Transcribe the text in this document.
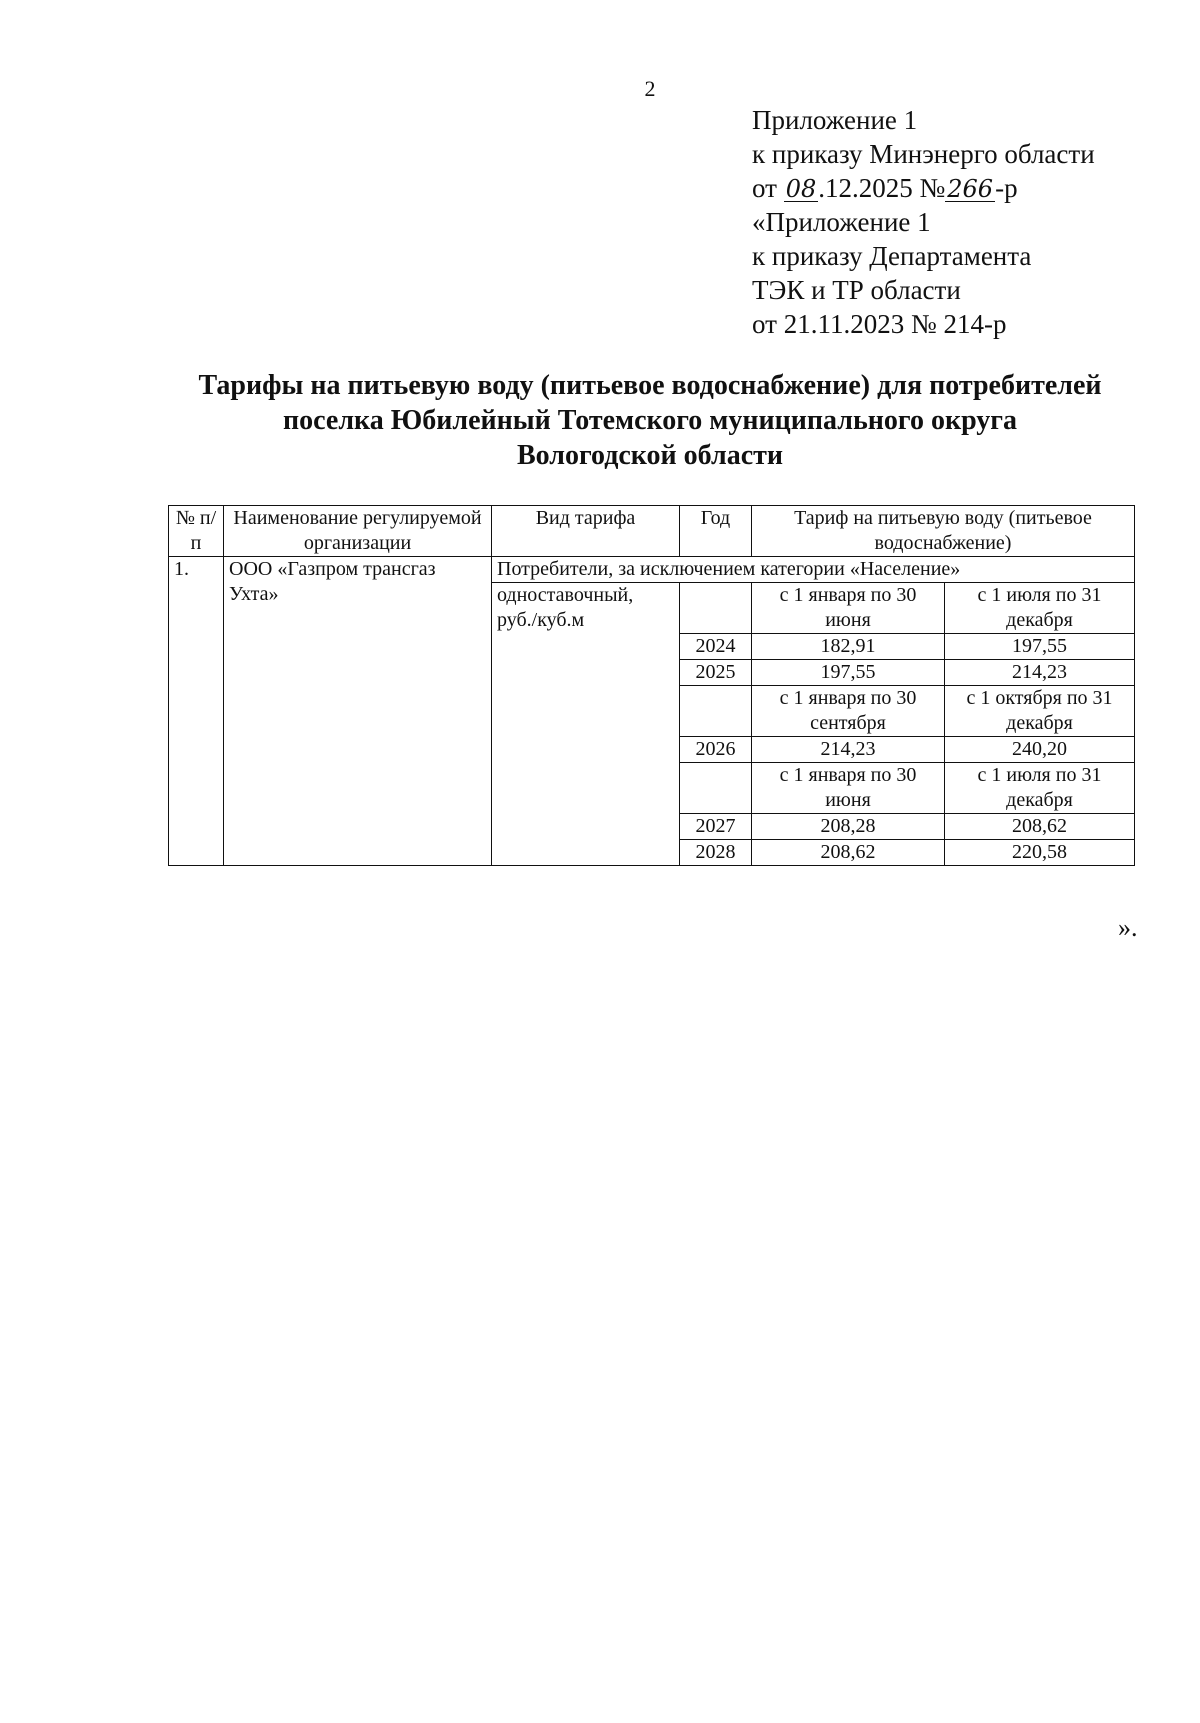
2
Приложение 1
к приказу Минэнерго области
от 08.12.2025 №266-р
«Приложение 1
к приказу Департамента
ТЭК и ТР области
от 21.11.2023 № 214-р
Тарифы на питьевую воду (питьевое водоснабжение) для потребителей
поселка Юбилейный Тотемского муниципального округа
Вологодской области
№ п/п	Наименование регулируемой организации	Вид тарифа	Год	Тариф на питьевую воду (питьевое водоснабжение)	
1.	ООО «Газпром трансгаз Ухта»	Потребители, за исключением категории «Население»			
		одноставочный, руб./куб.м		с 1 января по 30 июня	с 1 июля по 31 декабря
			2024	182,91	197,55
			2025	197,55	214,23
				с 1 января по 30 сентября	с 1 октября по 31 декабря
			2026	214,23	240,20
				с 1 января по 30 июня	с 1 июля по 31 декабря
			2027	208,28	208,62
			2028	208,62	220,58
».
